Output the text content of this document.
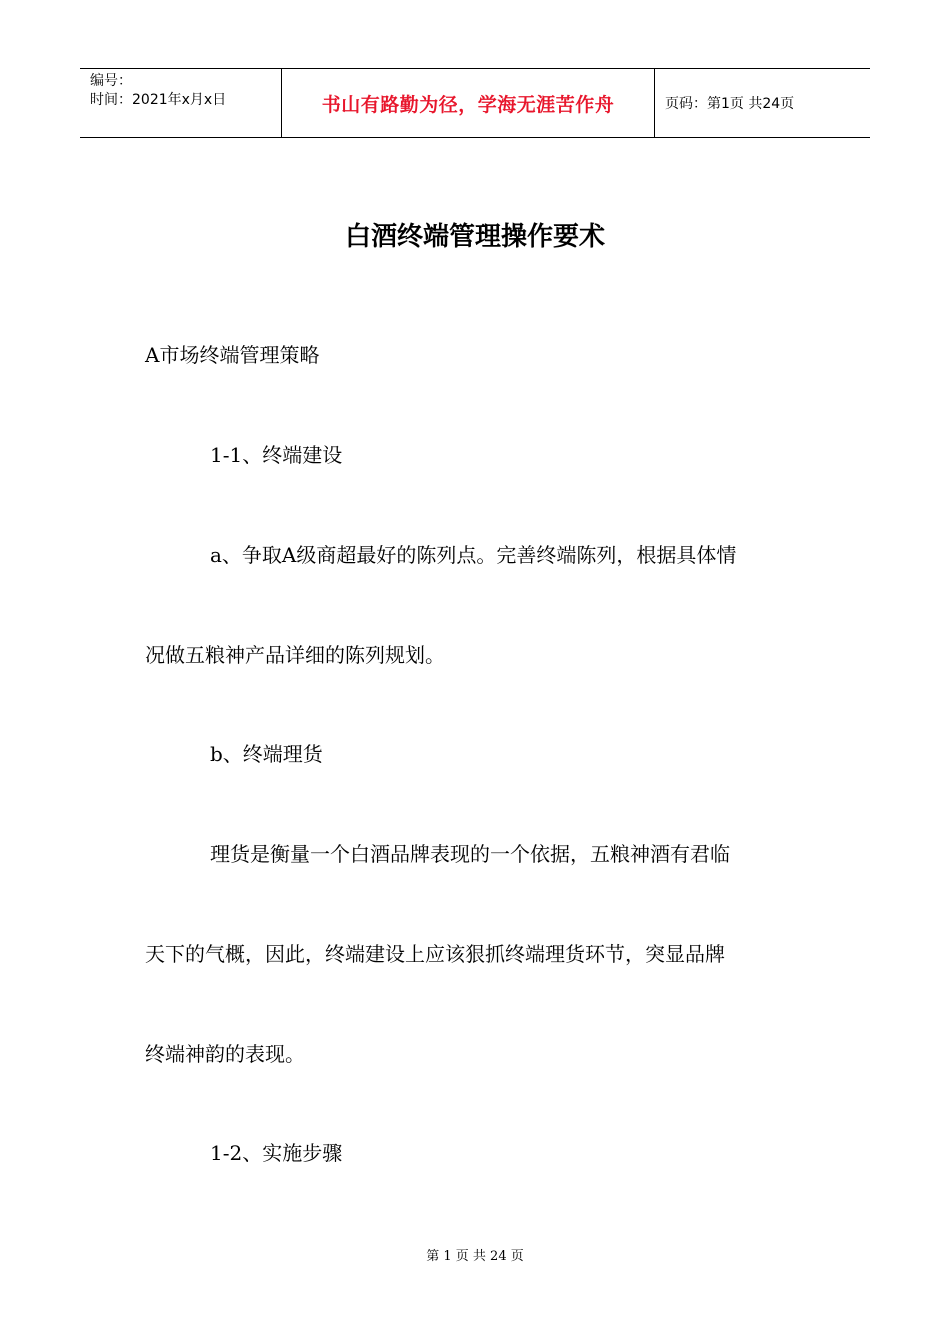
编号：
时间：2021年x月x日	书山有路勤为径，学海无涯苦作舟	页码：第1页 共24页
白酒终端管理操作要术
A市场终端管理策略
1-1、终端建设
a、争取A级商超最好的陈列点。完善终端陈列，根据具体情
况做五粮神产品详细的陈列规划。
b、终端理货
理货是衡量一个白酒品牌表现的一个依据，五粮神酒有君临
天下的气概，因此，终端建设上应该狠抓终端理货环节，突显品牌
终端神韵的表现。
1-2、实施步骤
第 1 页 共 24 页
